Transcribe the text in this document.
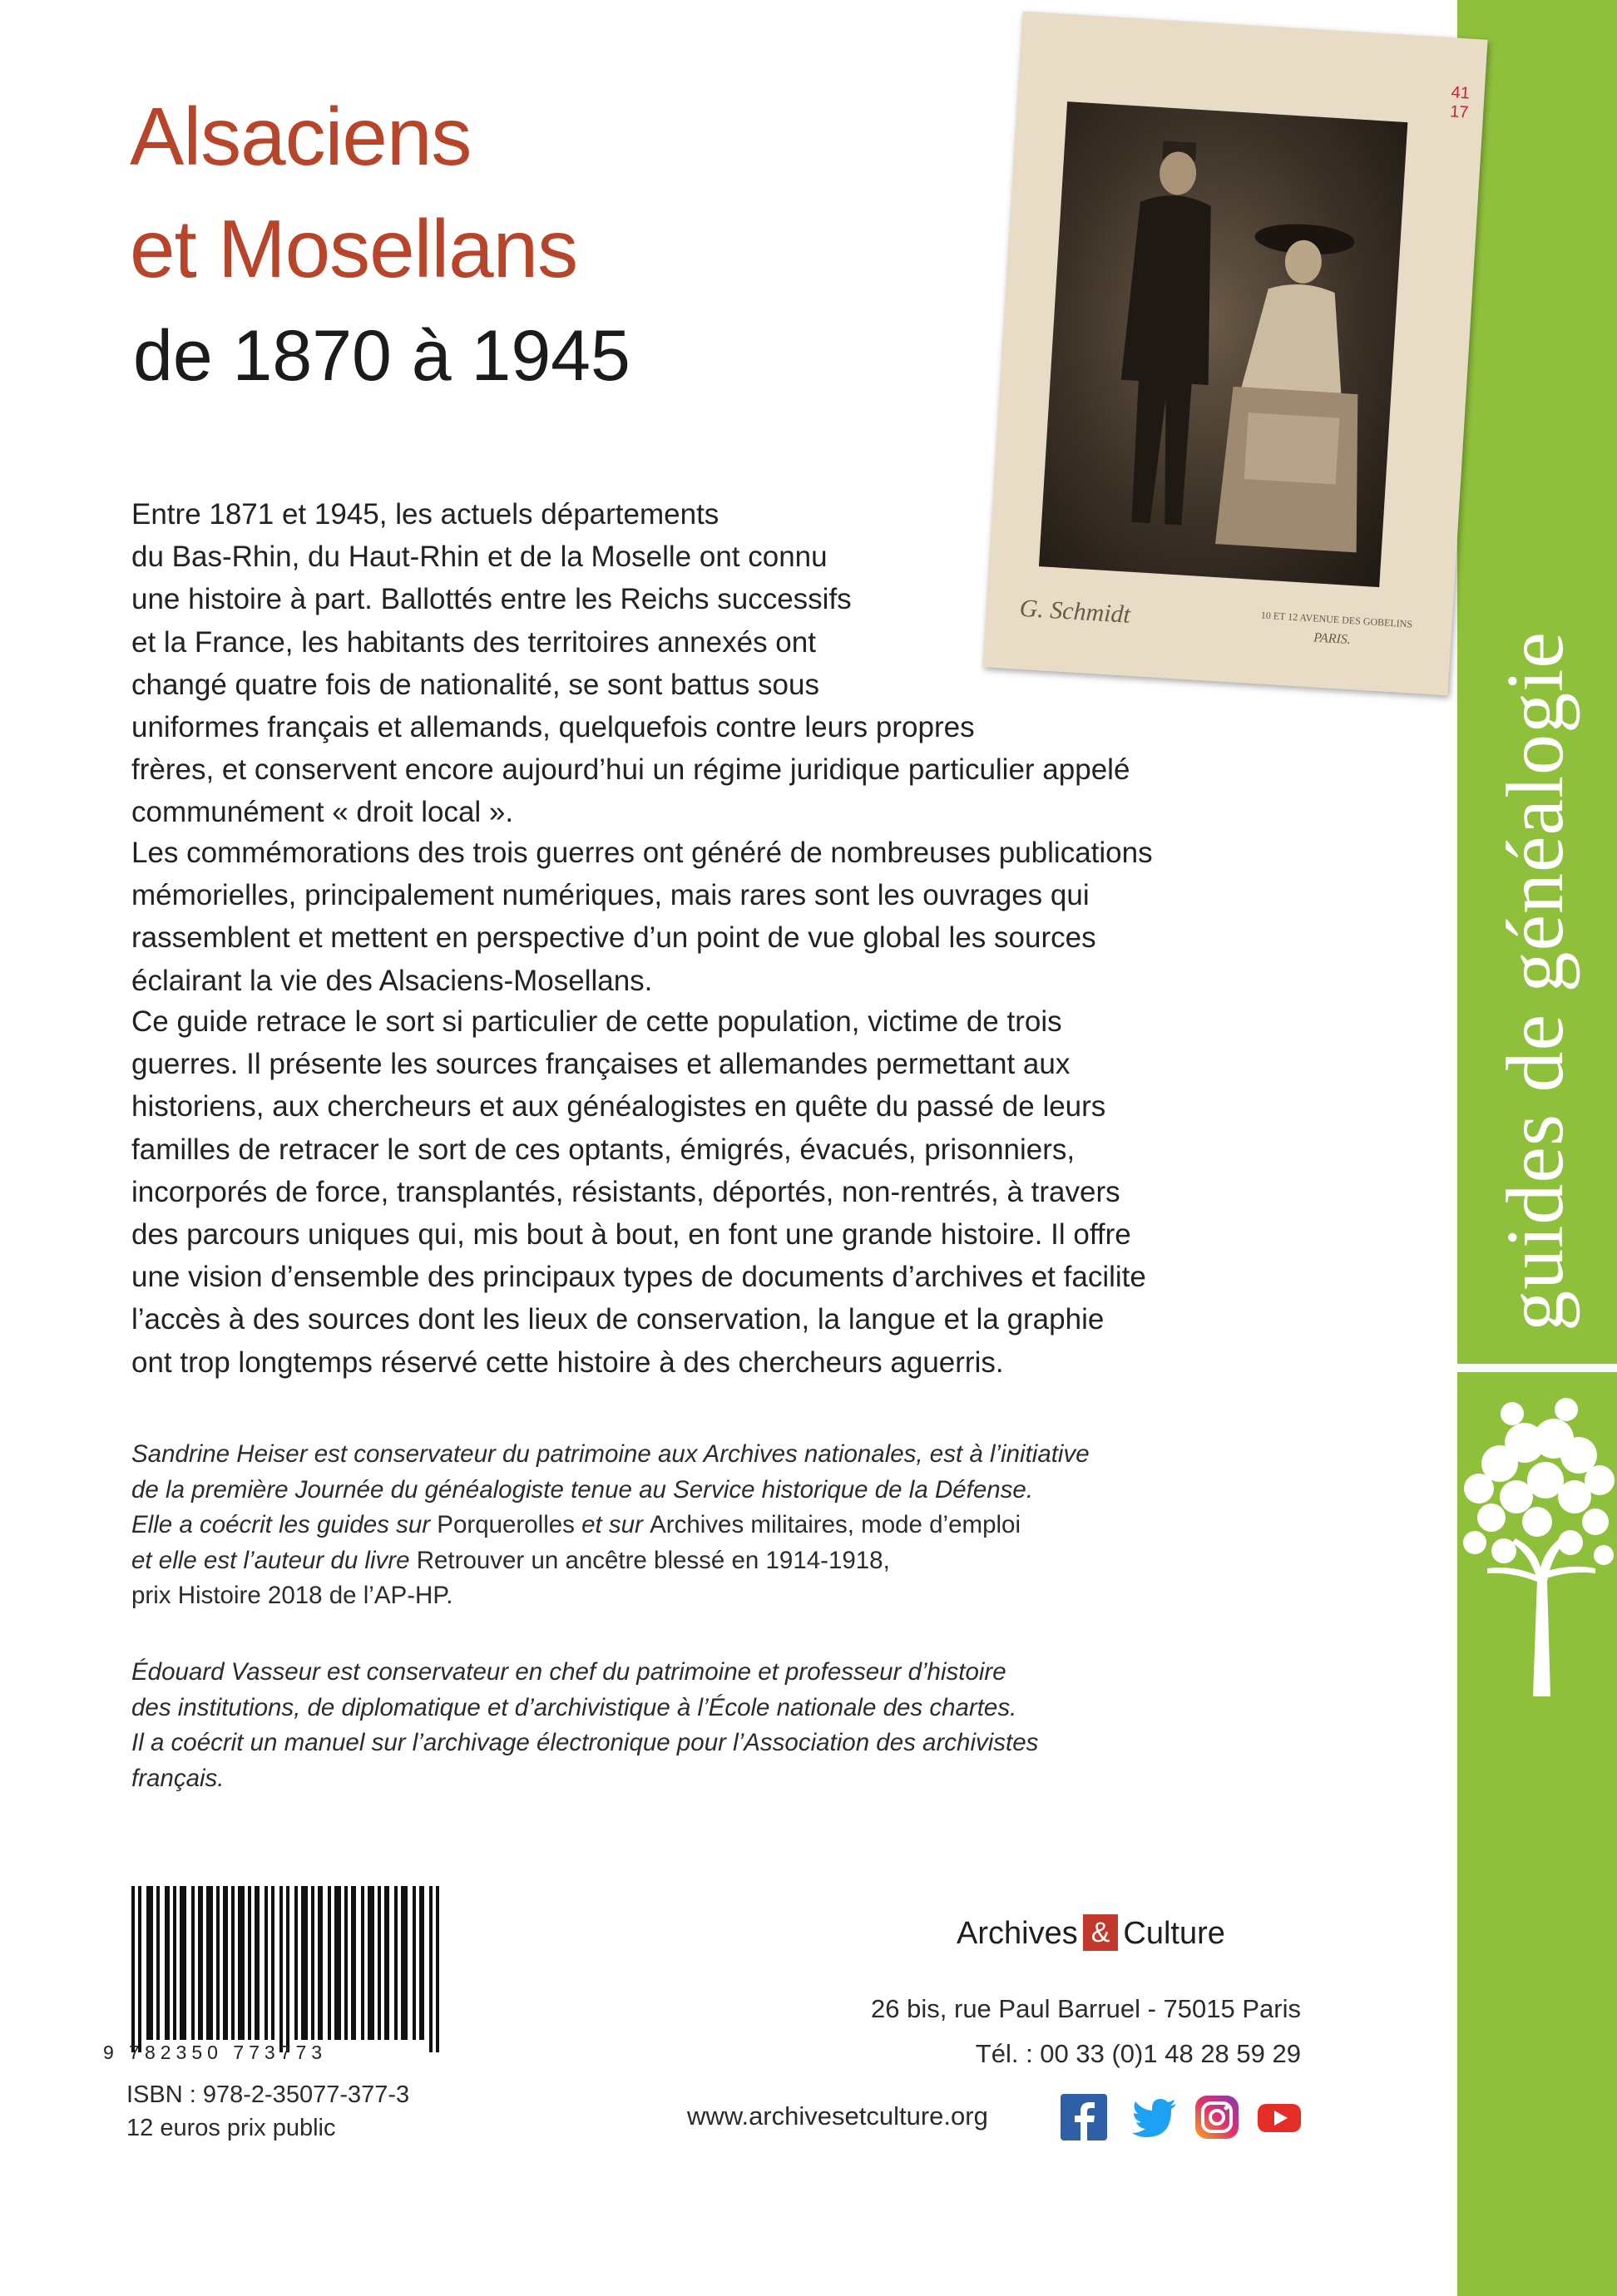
guides de généalogie
Alsaciens
et Mosellans
de 1870 à 1945
41 17
G. Schmidt	10 ET 12 AVENUE DES GOBELINS
PARIS.
Entre 1871 et 1945, les actuels départements
du Bas-Rhin, du Haut-Rhin et de la Moselle ont connu
une histoire à part. Ballottés entre les Reichs successifs
et la France, les habitants des territoires annexés ont
changé quatre fois de nationalité, se sont battus sous
uniformes français et allemands, quelquefois contre leurs propres
frères, et conservent encore aujourd’hui un régime juridique particulier appelé
communément « droit local ».
Les commémorations des trois guerres ont généré de nombreuses publications
mémorielles, principalement numériques, mais rares sont les ouvrages qui
rassemblent et mettent en perspective d’un point de vue global les sources
éclairant la vie des Alsaciens-Mosellans.
Ce guide retrace le sort si particulier de cette population, victime de trois
guerres. Il présente les sources françaises et allemandes permettant aux
historiens, aux chercheurs et aux généalogistes en quête du passé de leurs
familles de retracer le sort de ces optants, émigrés, évacués, prisonniers,
incorporés de force, transplantés, résistants, déportés, non-rentrés, à travers
des parcours uniques qui, mis bout à bout, en font une grande histoire. Il offre
une vision d’ensemble des principaux types de documents d’archives et facilite
l’accès à des sources dont les lieux de conservation, la langue et la graphie
ont trop longtemps réservé cette histoire à des chercheurs aguerris.
Sandrine Heiser est conservateur du patrimoine aux Archives nationales, est à l’initiative
de la première Journée du généalogiste tenue au Service historique de la Défense.
Elle a coécrit les guides sur Porquerolles et sur Archives militaires, mode d’emploi
et elle est l’auteur du livre Retrouver un ancêtre blessé en 1914-1918,
prix Histoire 2018 de l’AP-HP.
Édouard Vasseur est conservateur en chef du patrimoine et professeur d’histoire
des institutions, de diplomatique et d’archivistique à l’École nationale des chartes.
Il a coécrit un manuel sur l’archivage électronique pour l’Association des archivistes
français.
9 782350 773773
ISBN : 978-2-35077-377-3
12 euros prix public
Archives & Culture
26 bis, rue Paul Barruel - 75015 Paris
Tél. : 00 33 (0)1 48 28 59 29
www.archivesetculture.org
